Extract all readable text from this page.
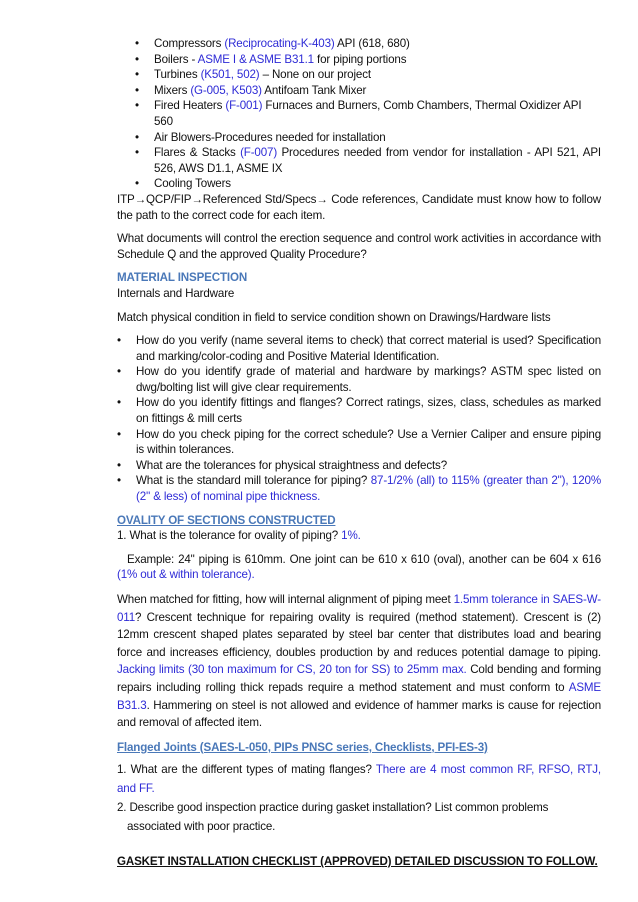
• Compressors (Reciprocating-K-403) API (618, 680)
• Boilers - ASME I & ASME B31.1 for piping portions
• Turbines (K501, 502) – None on our project
• Mixers (G-005, K503) Antifoam Tank Mixer
• Fired Heaters (F-001) Furnaces and Burners, Comb Chambers, Thermal Oxidizer API 560
• Air Blowers-Procedures needed for installation
• Flares & Stacks (F-007) Procedures needed from vendor for installation - API 521, API 526, AWS D1.1, ASME IX
• Cooling Towers

ITP→QCP/FIP→Referenced Std/Specs→ Code references, Candidate must know how to follow the path to the correct code for each item.

What documents will control the erection sequence and control work activities in accordance with Schedule Q and the approved Quality Procedure?

MATERIAL INSPECTION

Internals and Hardware

Match physical condition in field to service condition shown on Drawings/Hardware lists

• How do you verify (name several items to check) that correct material is used? Specification and marking/color-coding and Positive Material Identification.
• How do you identify grade of material and hardware by markings? ASTM spec listed on dwg/bolting list will give clear requirements.
• How do you identify fittings and flanges? Correct ratings, sizes, class, schedules as marked on fittings & mill certs
• How do you check piping for the correct schedule? Use a Vernier Caliper and ensure piping is within tolerances.
• What are the tolerances for physical straightness and defects?
• What is the standard mill tolerance for piping? 87-1/2% (all) to 115% (greater than 2"), 120% (2'' & less) of nominal pipe thickness.

OVALITY OF SECTIONS CONSTRUCTED

1. What is the tolerance for ovality of piping? 1%.

Example: 24" piping is 610mm. One joint can be 610 x 610 (oval), another can be 604 x 616 (1% out & within tolerance).

When matched for fitting, how will internal alignment of piping meet 1.5mm tolerance in SAES-W-011? Crescent technique for repairing ovality is required (method statement). Crescent is (2) 12mm crescent shaped plates separated by steel bar center that distributes load and bearing force and increases efficiency, doubles production by and reduces potential damage to piping. Jacking limits (30 ton maximum for CS, 20 ton for SS) to 25mm max. Cold bending and forming repairs including rolling thick repads require a method statement and must conform to ASME B31.3. Hammering on steel is not allowed and evidence of hammer marks is cause for rejection and removal of affected item.

Flanged Joints (SAES-L-050, PIPs PNSC series, Checklists, PFI-ES-3)

1. What are the different types of mating flanges? There are 4 most common RF, RFSO, RTJ, and FF.

2. Describe good inspection practice during gasket installation? List common problems associated with poor practice.

GASKET INSTALLATION CHECKLIST (APPROVED) DETAILED DISCUSSION TO FOLLOW.
